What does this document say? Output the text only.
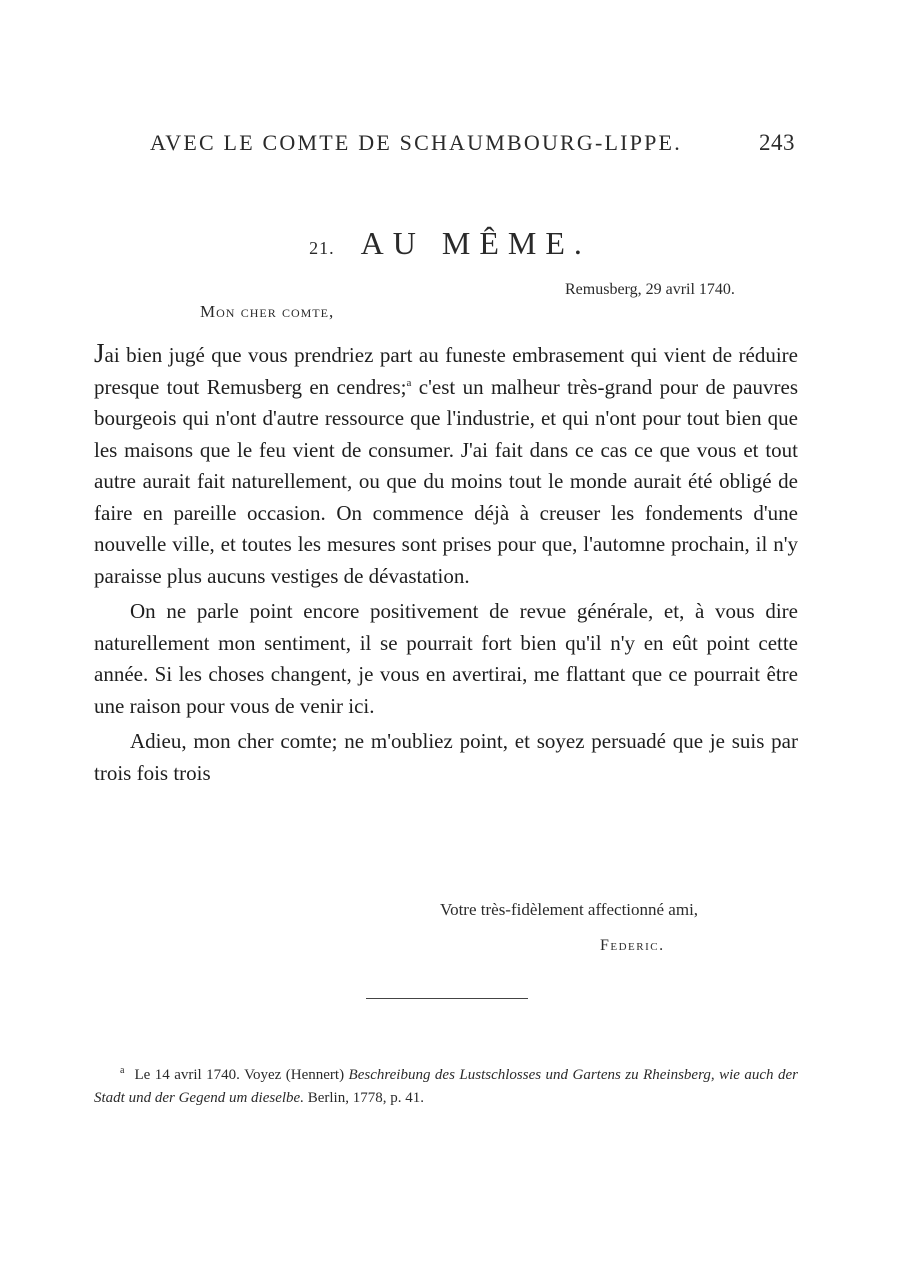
AVEC LE COMTE DE SCHAUMBOURG-LIPPE.	243
21. AU MÊME.
Remusberg, 29 avril 1740.
Mon cher comte,

Jai bien jugé que vous prendriez part au funeste embrasement qui vient de réduire presque tout Remusberg en cendres;$^a$ c'est un malheur très-grand pour de pauvres bourgeois qui n'ont d'autre ressource que l'industrie, et qui n'ont pour tout bien que les maisons que le feu vient de consumer. J'ai fait dans ce cas ce que vous et tout autre aurait fait naturellement, ou que du moins tout le monde aurait été obligé de faire en pareille occasion. On commence déjà à creuser les fondements d'une nouvelle ville, et toutes les mesures sont prises pour que, l'automne prochain, il n'y paraisse plus aucuns vestiges de dévastation.

On ne parle point encore positivement de revue générale, et, à vous dire naturellement mon sentiment, il se pourrait fort bien qu'il n'y en eût point cette année. Si les choses changent, je vous en avertirai, me flattant que ce pourrait être une raison pour vous de venir ici.

Adieu, mon cher comte; ne m'oubliez point, et soyez persuadé que je suis par trois fois trois

Votre très-fidèlement affectionné ami,
Federic.
$^a$ Le 14 avril 1740. Voyez (Hennert) Beschreibung des Lustschlosses und Gartens zu Rheinsberg, wie auch der Stadt und der Gegend um dieselbe. Berlin, 1778, p. 41.
